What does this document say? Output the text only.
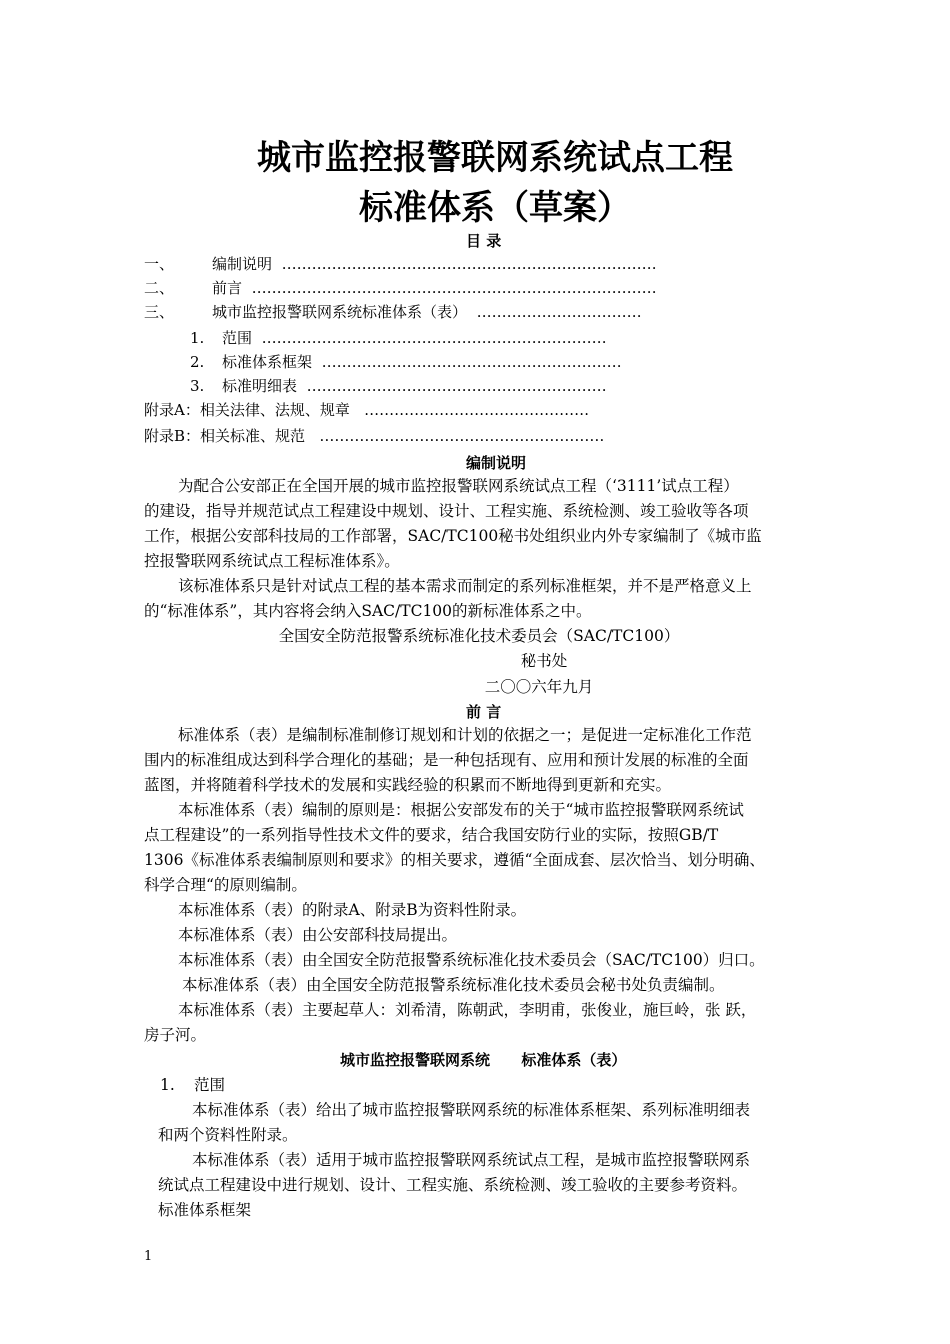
城市监控报警联网系统试点工程
标准体系（草案）
目 录
一、	编制说明 …………………………………………………………………
二、	前言 ………………………………………………………………………
三、	城市监控报警联网系统标准体系（表） ……………………………
1. 范围 ……………………………………………………………
2. 标准体系框架 ……………………………………………………
3. 标准明细表 ……………………………………………………
附录A：相关法律、法规、规章 ………………………………………
附录B：相关标准、规范 …………………………………………………
编制说明
为配合公安部正在全国开展的城市监控报警联网系统试点工程（‘3111’试点工程）
的建设，指导并规范试点工程建设中规划、设计、工程实施、系统检测、竣工验收等各项
工作，根据公安部科技局的工作部署，SAC/TC100秘书处组织业内外专家编制了《城市监
控报警联网系统试点工程标准体系》。
该标准体系只是针对试点工程的基本需求而制定的系列标准框架，并不是严格意义上
的“标准体系”，其内容将会纳入SAC/TC100的新标准体系之中。
全国安全防范报警系统标准化技术委员会（SAC/TC100）
秘书处
二〇〇六年九月
前 言
标准体系（表）是编制标准制修订规划和计划的依据之一；是促进一定标准化工作范
围内的标准组成达到科学合理化的基础；是一种包括现有、应用和预计发展的标准的全面
蓝图，并将随着科学技术的发展和实践经验的积累而不断地得到更新和充实。
本标准体系（表）编制的原则是：根据公安部发布的关于“城市监控报警联网系统试
点工程建设”的一系列指导性技术文件的要求，结合我国安防行业的实际，按照GB/T
1306《标准体系表编制原则和要求》的相关要求，遵循“全面成套、层次恰当、划分明确、
科学合理“的原则编制。
本标准体系（表）的附录A、附录B为资料性附录。
本标准体系（表）由公安部科技局提出。
本标准体系（表）由全国安全防范报警系统标准化技术委员会（SAC/TC100）归口。
本标准体系（表）由全国安全防范报警系统标准化技术委员会秘书处负责编制。
本标准体系（表）主要起草人：刘希清，陈朝武，李明甫，张俊业，施巨岭，张 跃，
房子河。
城市监控报警联网系统      标准体系（表）
1. 范围
本标准体系（表）给出了城市监控报警联网系统的标准体系框架、系列标准明细表
和两个资料性附录。
本标准体系（表）适用于城市监控报警联网系统试点工程，是城市监控报警联网系
统试点工程建设中进行规划、设计、工程实施、系统检测、竣工验收的主要参考资料。
标准体系框架
1
